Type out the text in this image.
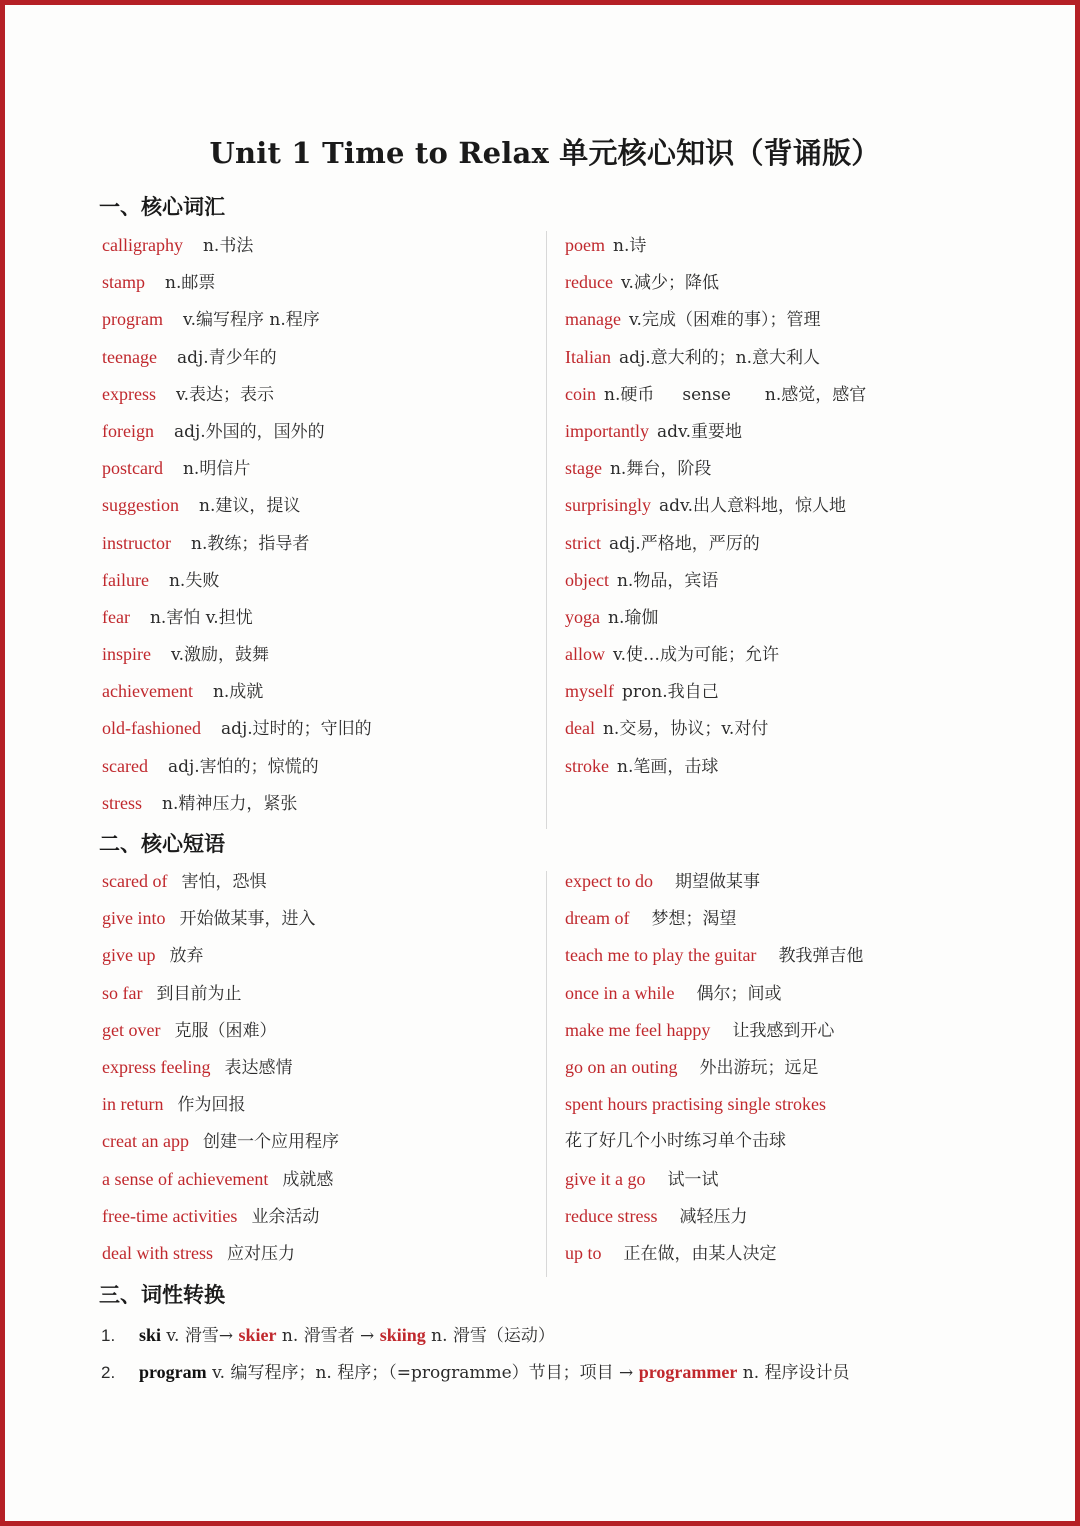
Unit 1 Time to Relax 单元核心知识（背诵版）
一、核心词汇
calligraphy n.书法
stamp n.邮票
program v.编写程序 n.程序
teenage adj.青少年的
express v.表达；表示
foreign adj.外国的，国外的
postcard n.明信片
suggestion n.建议，提议
instructor n.教练；指导者
failure n.失败
fear n.害怕 v.担忧
inspire v.激励，鼓舞
achievement n.成就
old-fashioned adj.过时的；守旧的
scared adj.害怕的；惊慌的
stress n.精神压力，紧张
poem n.诗
reduce v.减少；降低
manage v.完成（困难的事）；管理
Italian adj.意大利的；n.意大利人
coin n.硬币 sense n.感觉，感官
importantly adv.重要地
stage n.舞台，阶段
surprisingly adv.出人意料地，惊人地
strict adj.严格地，严厉的
object n.物品，宾语
yoga n.瑜伽
allow v.使…成为可能；允许
myself pron.我自己
deal n.交易，协议；v.对付
stroke n.笔画，击球
二、核心短语
scared of 害怕，恐惧
give into 开始做某事，进入
give up 放弃
so far 到目前为止
get over 克服（困难）
express feeling 表达感情
in return 作为回报
creat an app 创建一个应用程序
a sense of achievement 成就感
free-time activities 业余活动
deal with stress 应对压力
expect to do 期望做某事
dream of 梦想；渴望
teach me to play the guitar 教我弹吉他
once in a while 偶尔；间或
make me feel happy 让我感到开心
go on an outing 外出游玩；远足
spent hours practising single strokes
花了好几个小时练习单个击球
give it a go 试一试
reduce stress 减轻压力
up to 正在做，由某人决定
三、词性转换
1. ski v. 滑雪→ skier n. 滑雪者 → skiing n. 滑雪（运动）
2. program v. 编写程序；n. 程序；（=programme）节目；项目 → programmer n. 程序设计员
